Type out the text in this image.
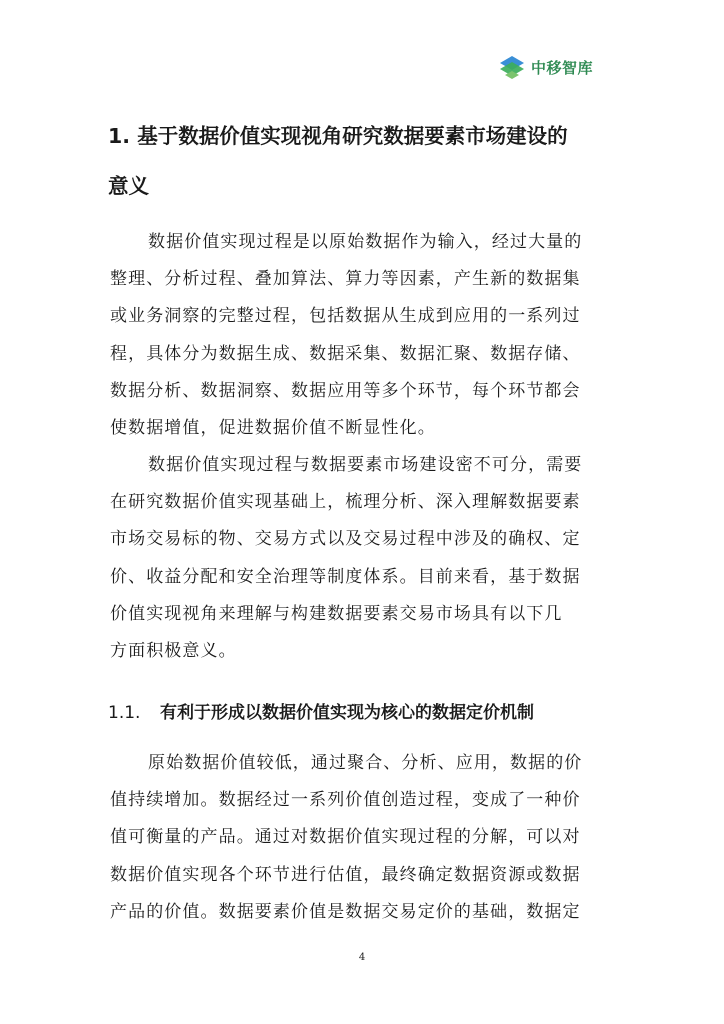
中移智库
1. 基于数据价值实现视角研究数据要素市场建设的
意义
数据价值实现过程是以原始数据作为输入，经过大量的
整理、分析过程、叠加算法、算力等因素，产生新的数据集
或业务洞察的完整过程，包括数据从生成到应用的一系列过
程，具体分为数据生成、数据采集、数据汇聚、数据存储、
数据分析、数据洞察、数据应用等多个环节，每个环节都会
使数据增值，促进数据价值不断显性化。
数据价值实现过程与数据要素市场建设密不可分，需要
在研究数据价值实现基础上，梳理分析、深入理解数据要素
市场交易标的物、交易方式以及交易过程中涉及的确权、定
价、收益分配和安全治理等制度体系。目前来看，基于数据
价值实现视角来理解与构建数据要素交易市场具有以下几
方面积极意义。
1.1. 有利于形成以数据价值实现为核心的数据定价机制
原始数据价值较低，通过聚合、分析、应用，数据的价
值持续增加。数据经过一系列价值创造过程，变成了一种价
值可衡量的产品。通过对数据价值实现过程的分解，可以对
数据价值实现各个环节进行估值，最终确定数据资源或数据
产品的价值。数据要素价值是数据交易定价的基础，数据定
4
